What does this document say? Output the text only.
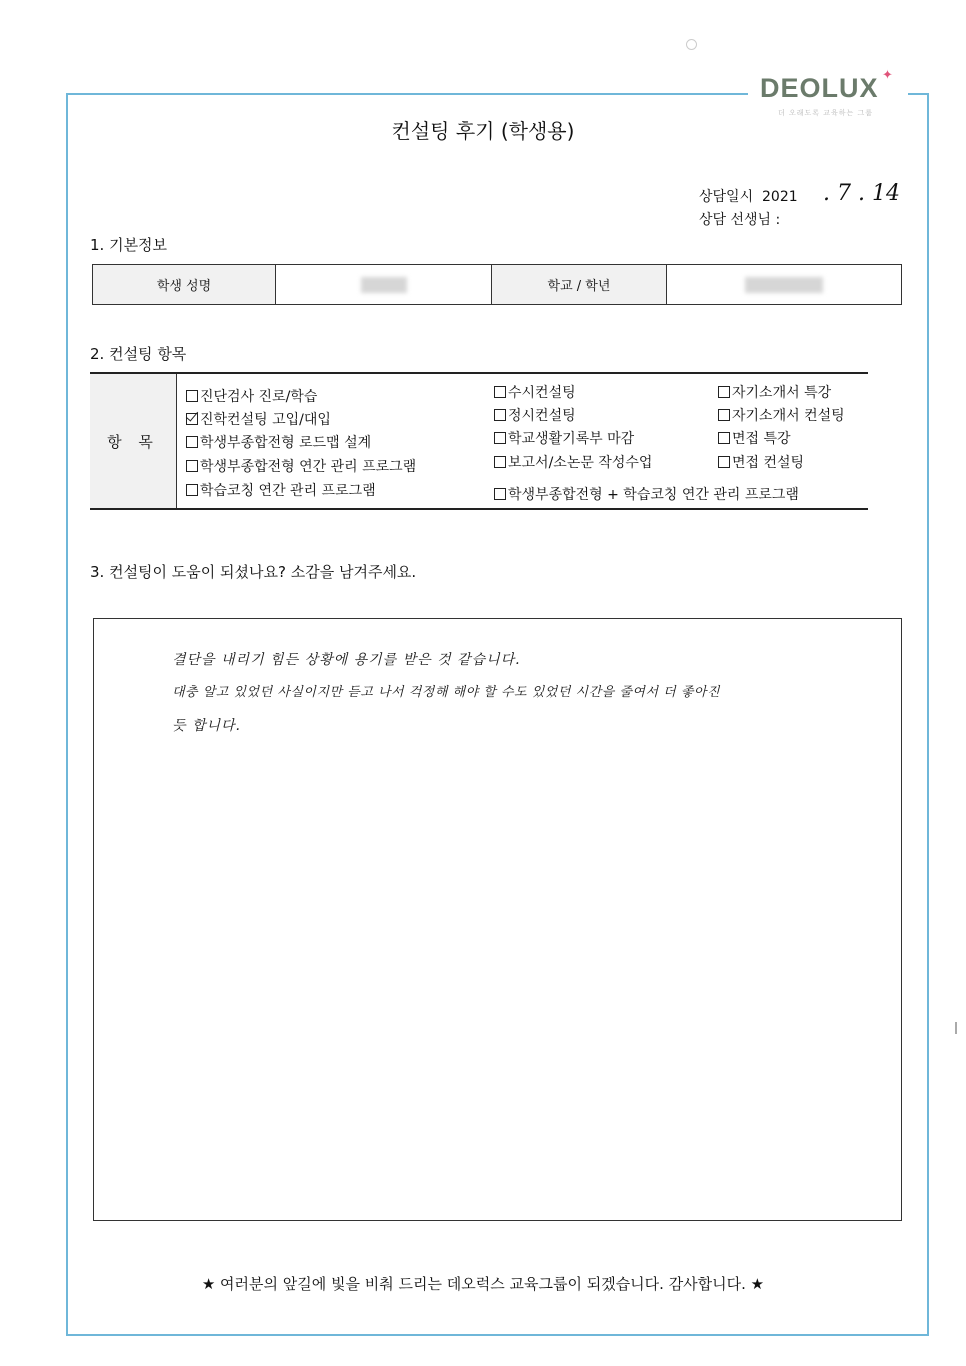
DEOLUX ✦
더 오래도록 교육하는 그룹
컨설팅 후기 (학생용)
상담일시 2021 . 7 . 14
상담 선생님 :
1. 기본정보
학생 성명		학교 / 학년	
2. 컨설팅 항목
항 목
진단검사 진로/학습
진학컨설팅 고입/대입
학생부종합전형 로드맵 설계
학생부종합전형 연간 관리 프로그램
학습코칭 연간 관리 프로그램
수시컨설팅
정시컨설팅
학교생활기록부 마감
보고서/소논문 작성수업
학생부종합전형 + 학습코칭 연간 관리 프로그램
자기소개서 특강
자기소개서 컨설팅
면접 특강
면접 컨설팅
3. 컨설팅이 도움이 되셨나요? 소감을 남겨주세요.
결단을 내리기 힘든 상황에 용기를 받은 것 같습니다.
대충 알고 있었던 사실이지만 듣고 나서 걱정해 해야 할 수도 있었던 시간을 줄여서 더 좋아진
듯 합니다.
★ 여러분의 앞길에 빛을 비춰 드리는 데오럭스 교육그룹이 되겠습니다. 감사합니다. ★
